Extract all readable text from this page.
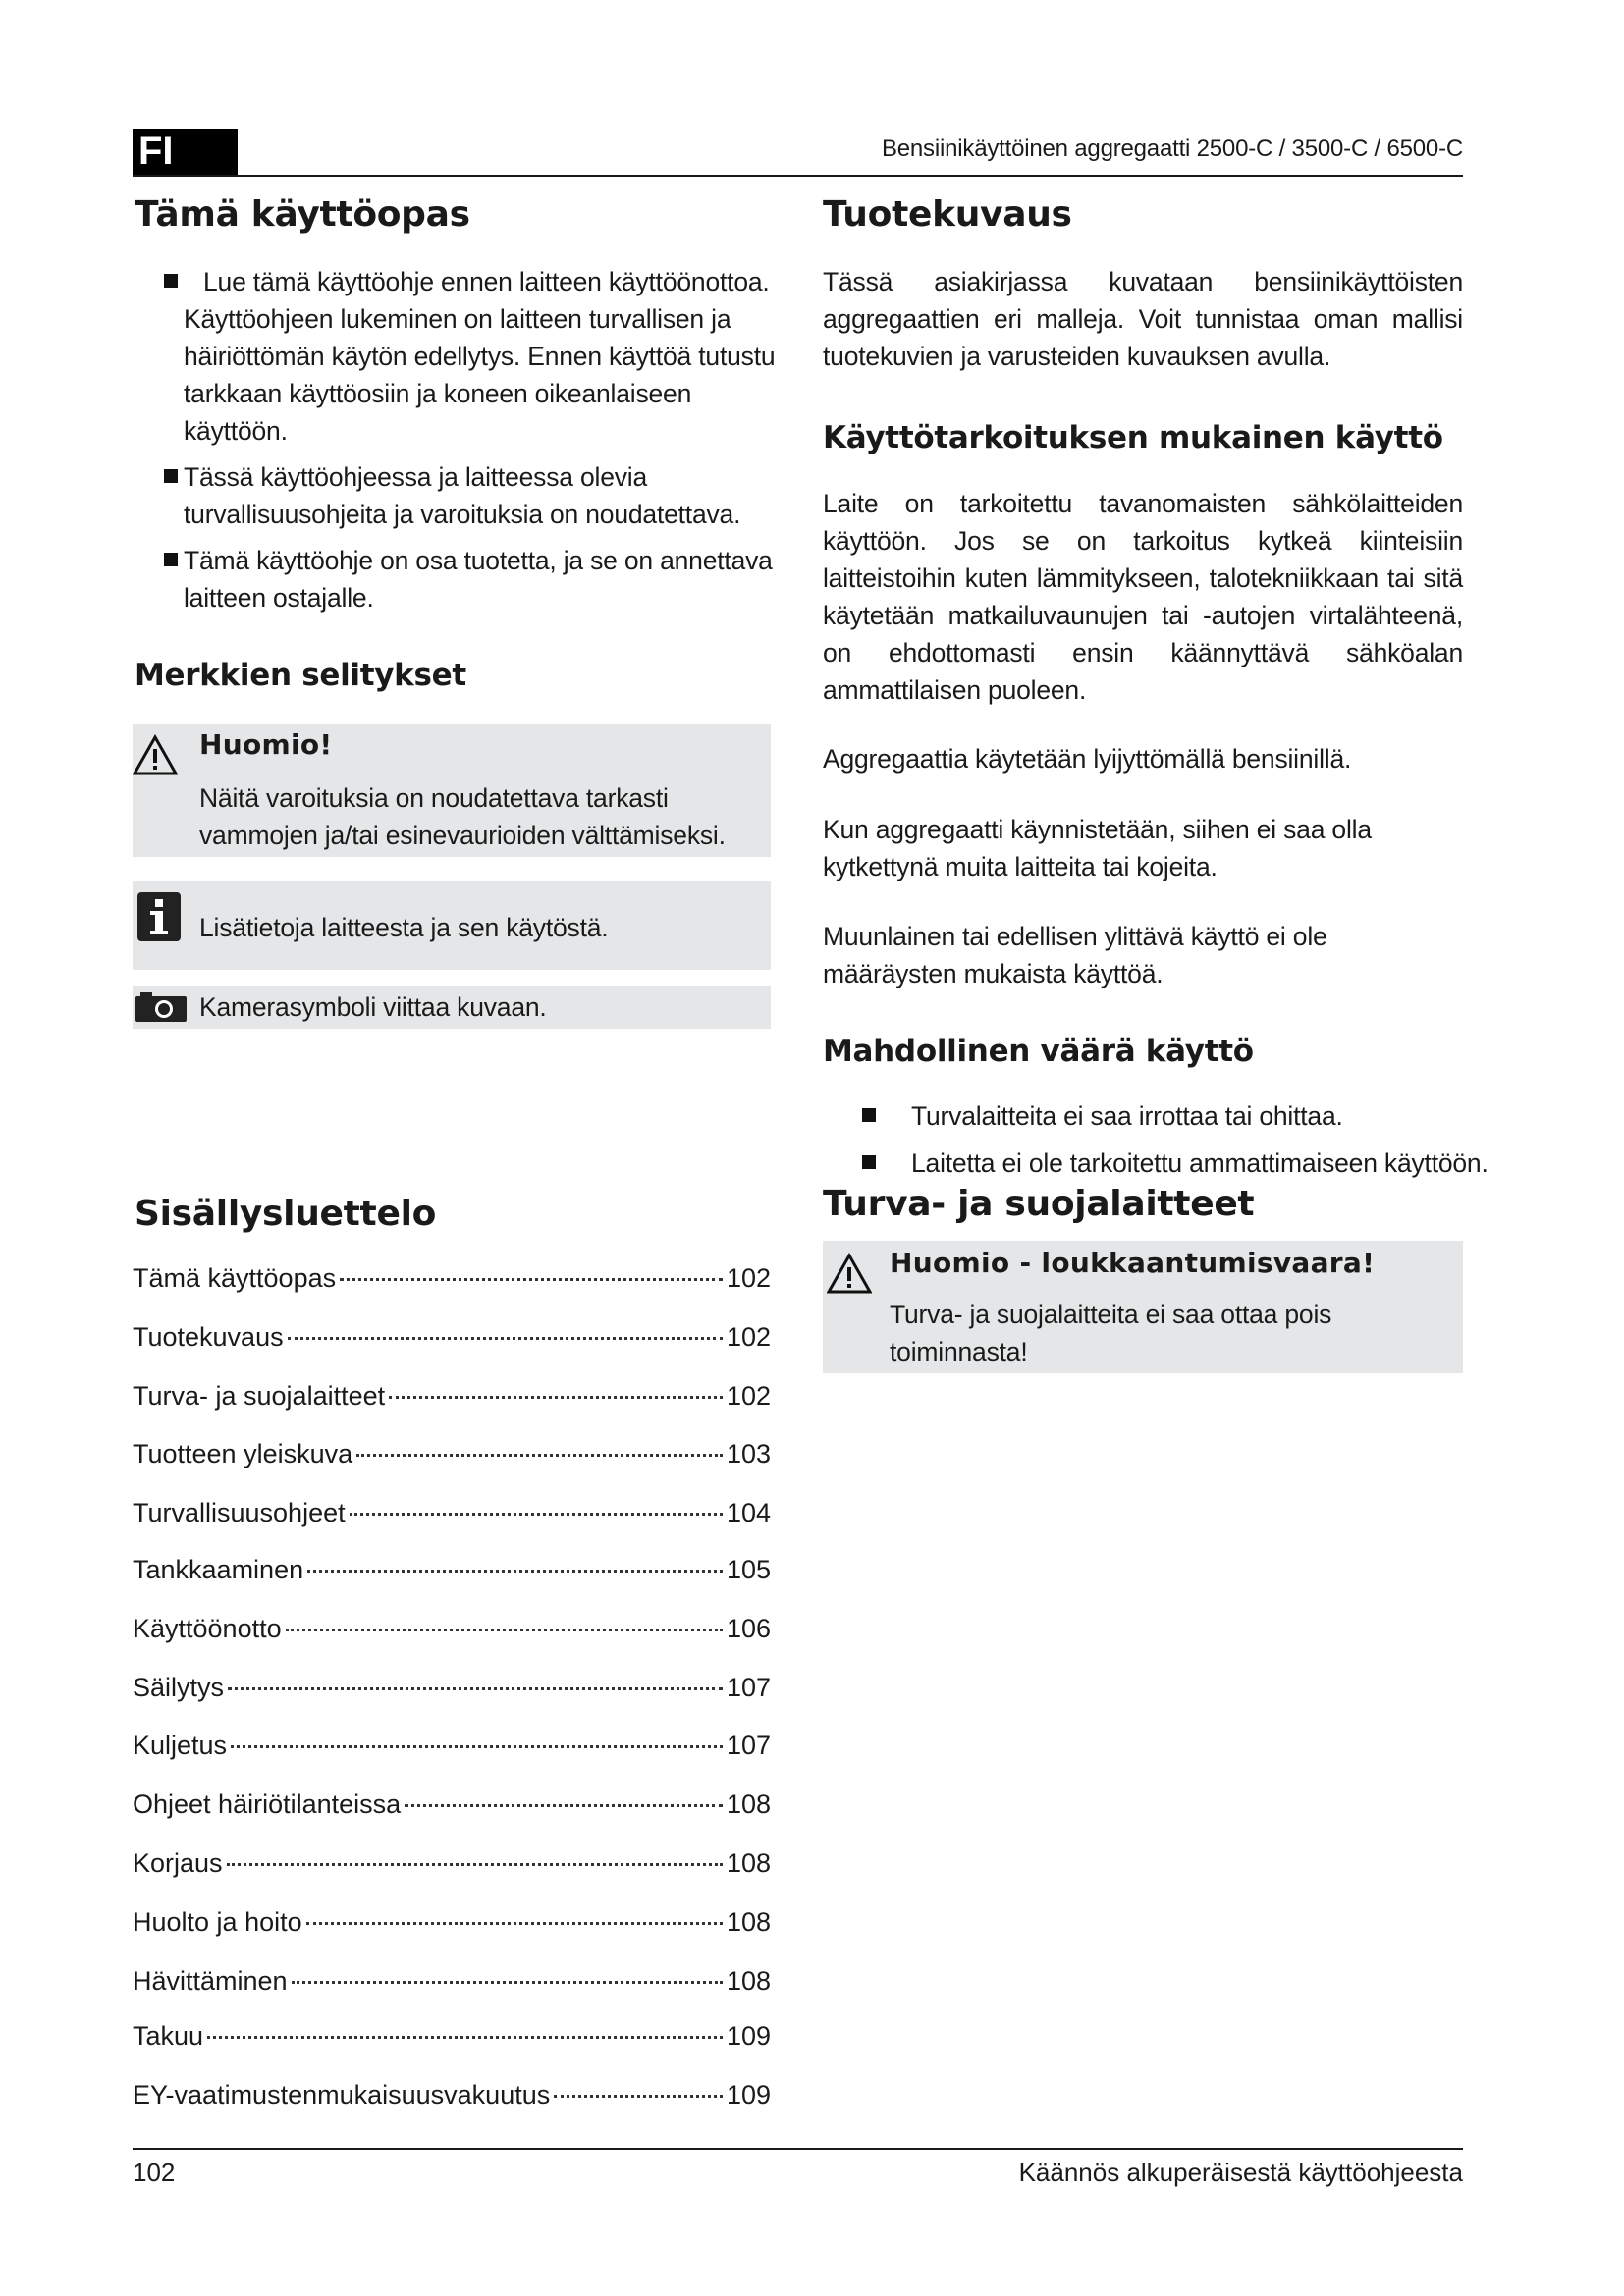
FI	Bensiinikäyttöinen aggregaatti 2500-C / 3500-C / 6500-C
Tämä käyttöopas
Lue tämä käyttöohje ennen laitteen käyttöönottoa. Käyttöohjeen lukeminen on laitteen turvallisen ja häiriöttömän käytön edellytys. Ennen käyttöä tutustu tarkkaan käyttöosiin ja koneen oikeanlaiseen käyttöön.
Tässä käyttöohjeessa ja laitteessa olevia turvallisuusohjeita ja varoituksia on noudatettava.
Tämä käyttöohje on osa tuotetta, ja se on annettava laitteen ostajalle.
Merkkien selitykset
Huomio!
Näitä varoituksia on noudatettava tarkasti vammojen ja/tai esinevaurioiden välttämiseksi.
Lisätietoja laitteesta ja sen käytöstä.
Kamerasymboli viittaa kuvaan.
Sisällysluettelo
Tämä käyttöopas	102
Tuotekuvaus	102
Turva- ja suojalaitteet	102
Tuotteen yleiskuva	103
Turvallisuusohjeet	104
Tankkaaminen	105
Käyttöönotto	106
Säilytys	107
Kuljetus	107
Ohjeet häiriötilanteissa	108
Korjaus	108
Huolto ja hoito	108
Hävittäminen	108
Takuu	109
EY-vaatimustenmukaisuusvakuutus	109
Tuotekuvaus
Tässä asiakirjassa kuvataan bensiinikäyttöisten aggregaattien eri malleja. Voit tunnistaa oman mallisi tuotekuvien ja varusteiden kuvauksen avulla.
Käyttötarkoituksen mukainen käyttö
Laite on tarkoitettu tavanomaisten sähkölaitteiden käyttöön. Jos se on tarkoitus kytkeä kiinteisiin laitteistoihin kuten lämmitykseen, talotekniikkaan tai sitä käytetään matkailuvaunujen tai -autojen virtalähteenä, on ehdottomasti ensin käännyttävä sähköalan ammattilaisen puoleen.
Aggregaattia käytetään lyijyttömällä bensiinillä.
Kun aggregaatti käynnistetään, siihen ei saa olla kytkettynä muita laitteita tai kojeita.
Muunlainen tai edellisen ylittävä käyttö ei ole määräysten mukaista käyttöä.
Mahdollinen väärä käyttö
Turvalaitteita ei saa irrottaa tai ohittaa.
Laitetta ei ole tarkoitettu ammattimaiseen käyttöön.
Turva- ja suojalaitteet
Huomio - loukkaantumisvaara!
Turva- ja suojalaitteita ei saa ottaa pois toiminnasta!
102	Käännös alkuperäisestä käyttöohjeesta
